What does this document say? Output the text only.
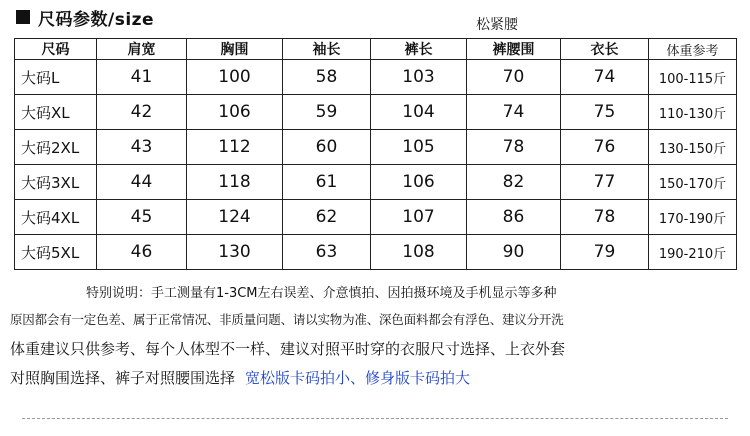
尺码参数/size	松紧腰
尺码	肩宽	胸围	袖长	裤长	裤腰围	衣长	体重参考
大码L	41	100	58	103	70	74	100-115斤
大码XL	42	106	59	104	74	75	110-130斤
大码2XL	43	112	60	105	78	76	130-150斤
大码3XL	44	118	61	106	82	77	150-170斤
大码4XL	45	124	62	107	86	78	170-190斤
大码5XL	46	130	63	108	90	79	190-210斤
特别说明：手工测量有1-3CM左右误差、介意慎拍、因拍摄环境及手机显示等多种
原因都会有一定色差、属于正常情况、非质量问题、请以实物为准、深色面料都会有浮色、建议分开洗
体重建议只供参考、每个人体型不一样、建议对照平时穿的衣服尺寸选择、上衣外套
对照胸围选择、裤子对照腰围选择 宽松版卡码拍小、修身版卡码拍大
